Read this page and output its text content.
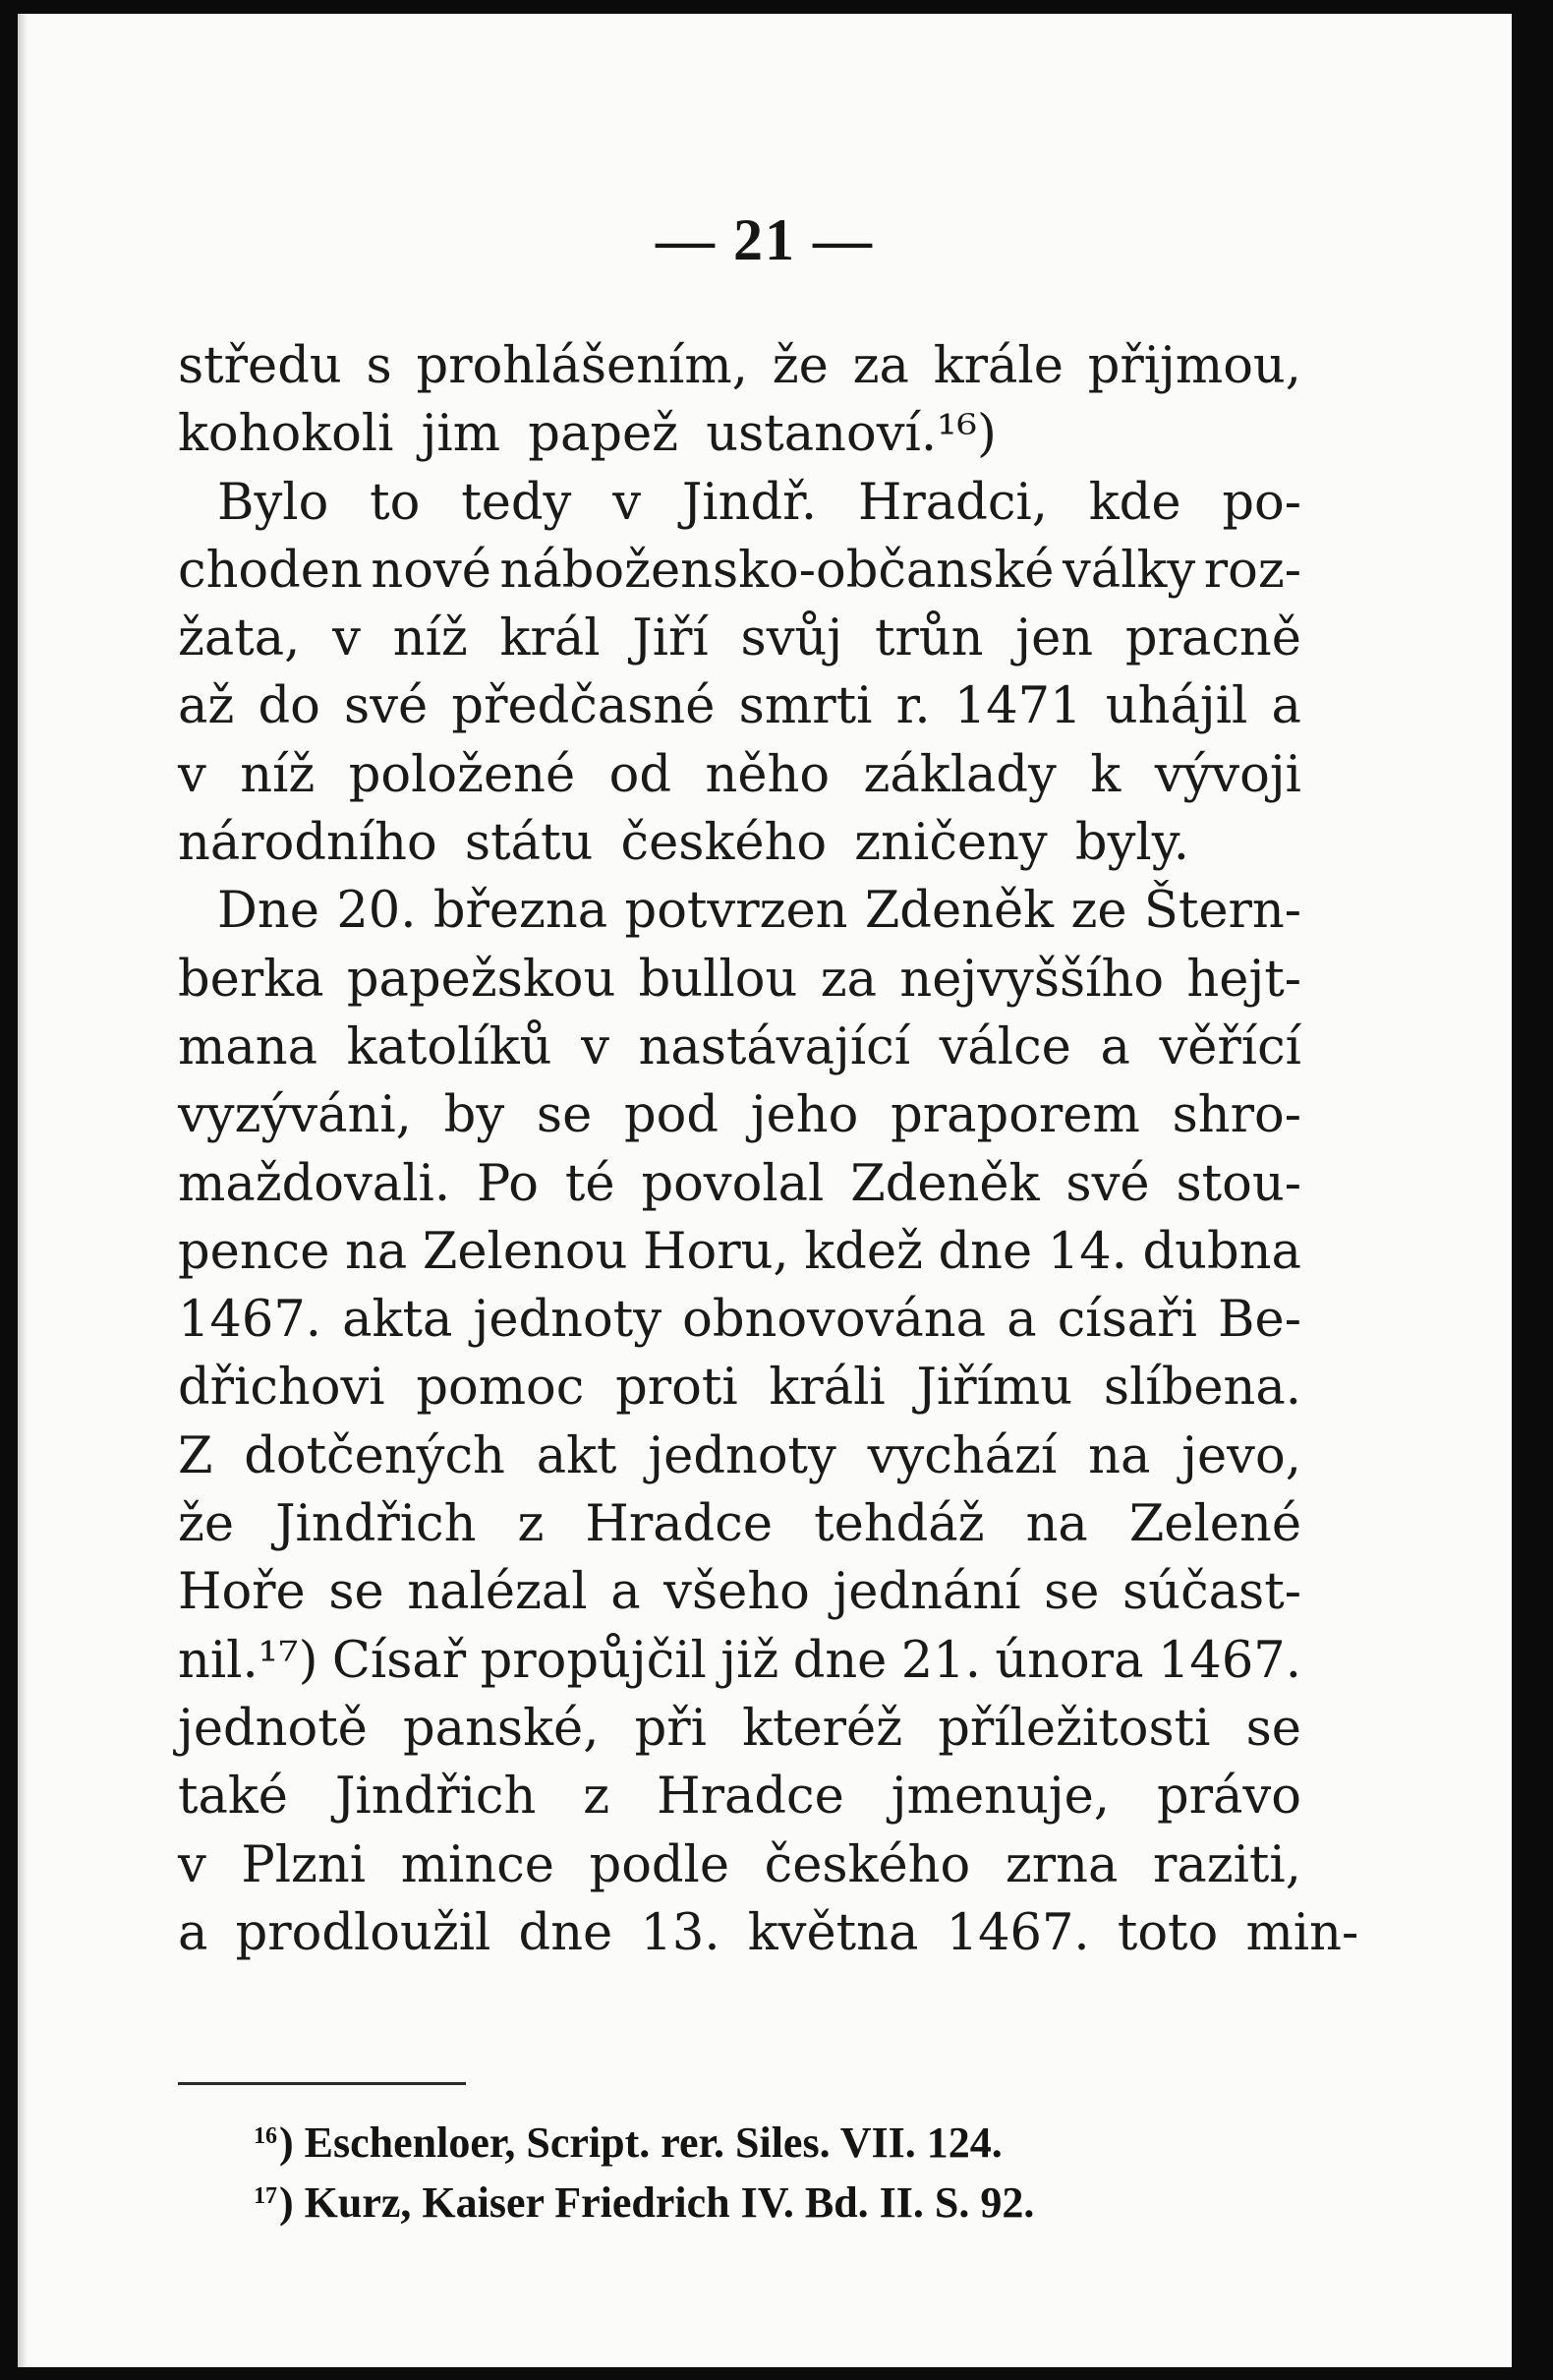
— 21 —
středu s prohlášením, že za krále přijmou,
kohokoli jim papež ustanoví.¹⁶)
Bylo to tedy v Jindř. Hradci, kde po-
choden nové nábožensko-občanské války roz-
žata, v níž král Jiří svůj trůn jen pracně
až do své předčasné smrti r. 1471 uhájil a
v níž položené od něho základy k vývoji
národního státu českého zničeny byly.
Dne 20. března potvrzen Zdeněk ze Štern-
berka papežskou bullou za nejvyššího hejt-
mana katolíků v nastávající válce a věřící
vyzýváni, by se pod jeho praporem shro-
maždovali. Po té povolal Zdeněk své stou-
pence na Zelenou Horu, kdež dne 14. dubna
1467. akta jednoty obnovována a císaři Be-
dřichovi pomoc proti králi Jiřímu slíbena.
Z dotčených akt jednoty vychází na jevo,
že Jindřich z Hradce tehdáž na Zelené
Hoře se nalézal a všeho jednání se súčast-
nil.¹⁷) Císař propůjčil již dne 21. února 1467.
jednotě panské, při kteréž příležitosti se
také Jindřich z Hradce jmenuje, právo
v Plzni mince podle českého zrna raziti,
a prodloužil dne 13. května 1467. toto min-
$^{16}$) Eschenloer, Script. rer. Siles. VII. 124.
$^{17}$) Kurz, Kaiser Friedrich IV. Bd. II. S. 92.
